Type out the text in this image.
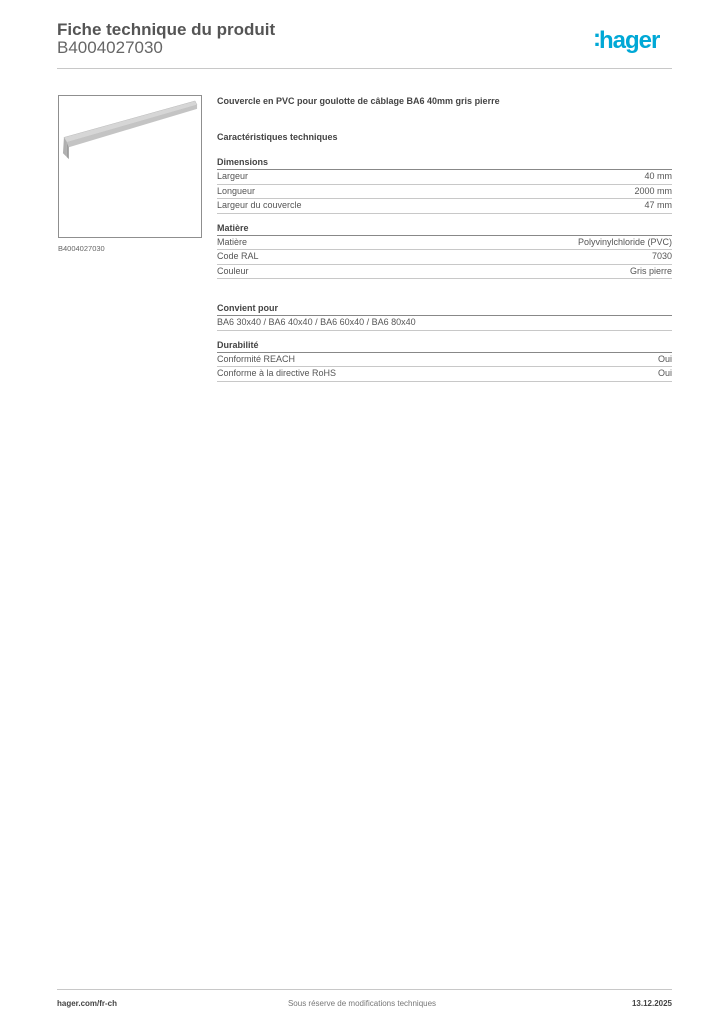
Fiche technique du produit
B4004027030	:hager
B4004027030
Couvercle en PVC pour goulotte de câblage BA6 40mm gris pierre
Caractéristiques techniques
Dimensions
Largeur	40 mm
Longueur	2000 mm
Largeur du couvercle	47 mm
Matière
Matière	Polyvinylchloride (PVC)
Code RAL	7030
Couleur	Gris pierre
Convient pour
BA6 30x40 / BA6 40x40 / BA6 60x40 / BA6 80x40
Durabilité
Conformité REACH	Oui
Conforme à la directive RoHS	Oui
hager.com/fr-ch	Sous réserve de modifications techniques	13.12.2025
